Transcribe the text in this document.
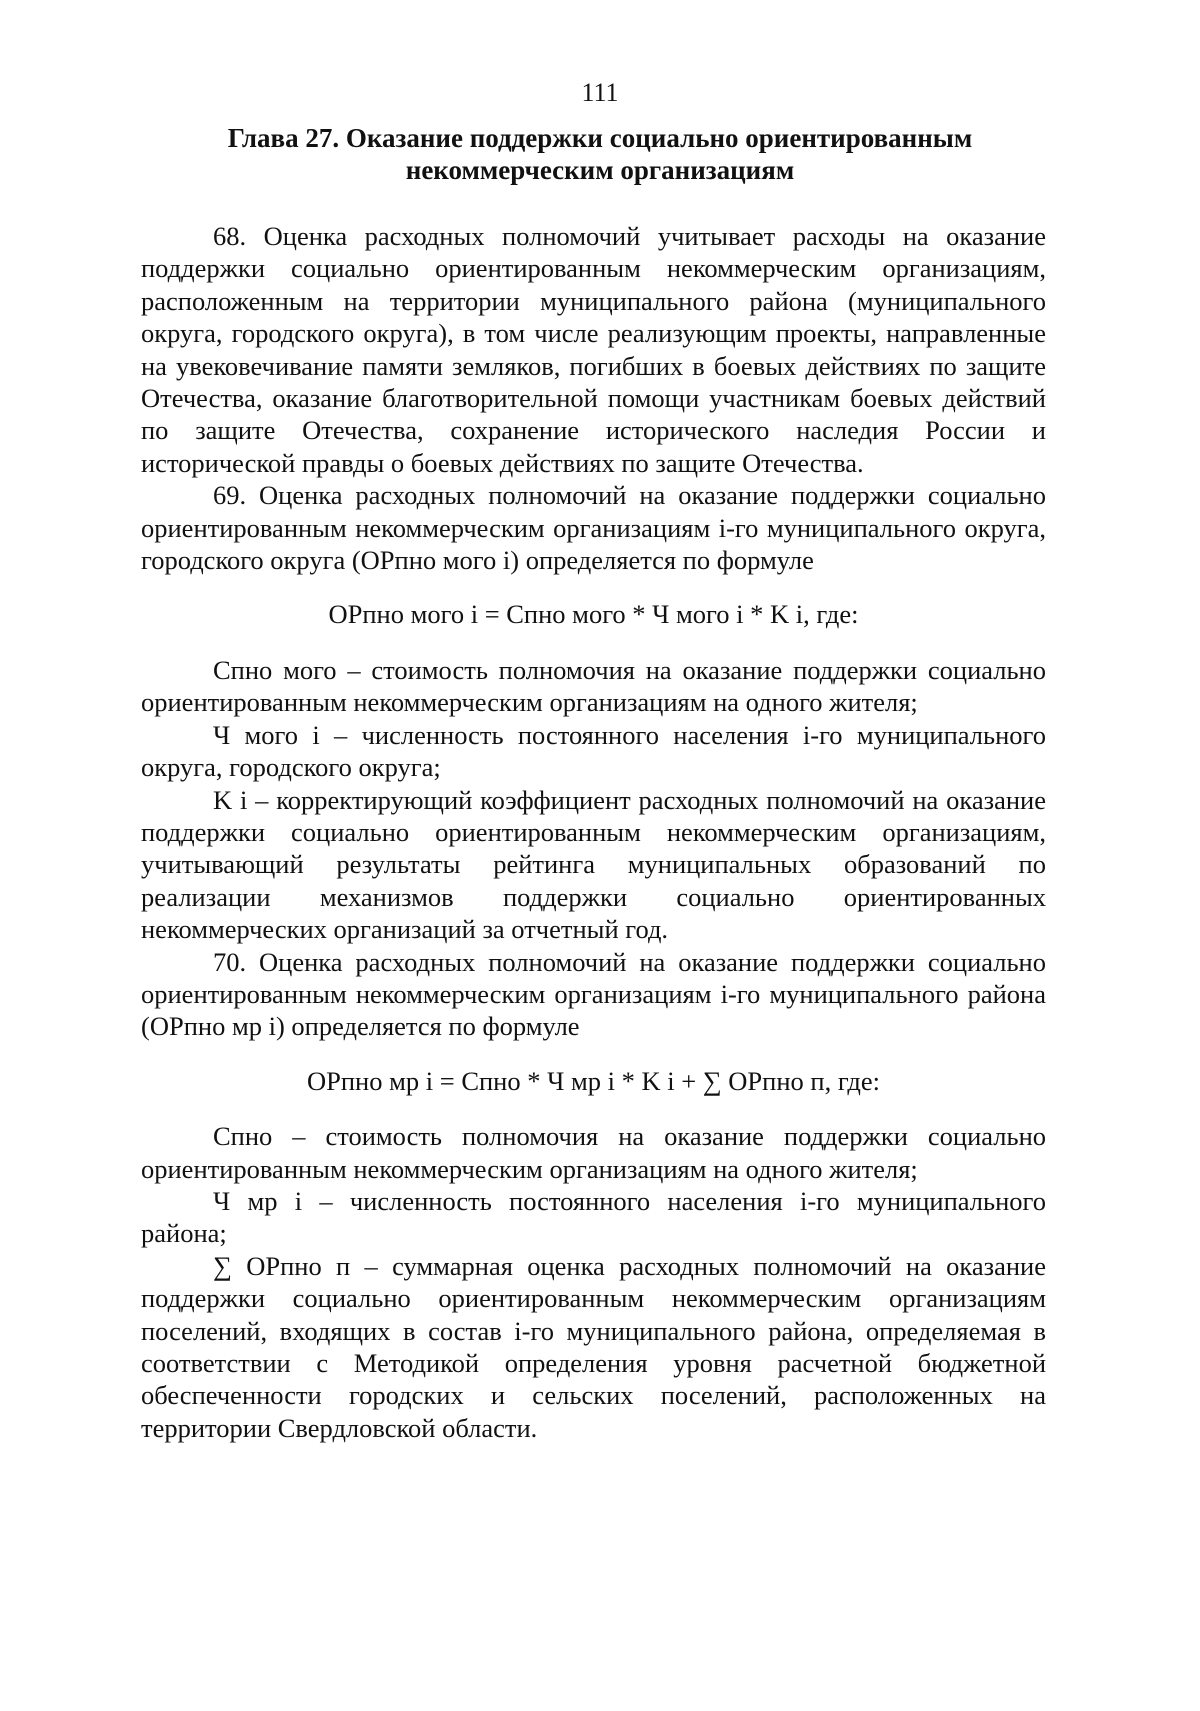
111
Глава 27. Оказание поддержки социально ориентированным
некоммерческим организациям

68. Оценка расходных полномочий учитывает расходы на оказание поддержки социально ориентированным некоммерческим организациям, расположенным на территории муниципального района (муниципального округа, городского округа), в том числе реализующим проекты, направленные на увековечивание памяти земляков, погибших в боевых действиях по защите Отечества, оказание благотворительной помощи участникам боевых действий по защите Отечества, сохранение исторического наследия России и исторической правды о боевых действиях по защите Отечества.

69. Оценка расходных полномочий на оказание поддержки социально ориентированным некоммерческим организациям i-го муниципального округа, городского округа (ОРпно мого i) определяется по формуле

ОРпно мого i = Спно мого * Ч мого i * K i, где:

Спно мого – стоимость полномочия на оказание поддержки социально ориентированным некоммерческим организациям на одного жителя;

Ч мого i – численность постоянного населения i-го муниципального округа, городского округа;

K i – корректирующий коэффициент расходных полномочий на оказание поддержки социально ориентированным некоммерческим организациям, учитывающий результаты рейтинга муниципальных образований по реализации механизмов поддержки социально ориентированных некоммерческих организаций за отчетный год.

70. Оценка расходных полномочий на оказание поддержки социально ориентированным некоммерческим организациям i-го муниципального района (ОРпно мр i) определяется по формуле

ОРпно мр i = Спно * Ч мр i * K i + ∑ ОРпно п, где:

Спно – стоимость полномочия на оказание поддержки социально ориентированным некоммерческим организациям на одного жителя;

Ч мр i – численность постоянного населения i-го муниципального района;

∑ ОРпно п – суммарная оценка расходных полномочий на оказание поддержки социально ориентированным некоммерческим организациям поселений, входящих в состав i-го муниципального района, определяемая в соответствии с Методикой определения уровня расчетной бюджетной обеспеченности городских и сельских поселений, расположенных на территории Свердловской области.
